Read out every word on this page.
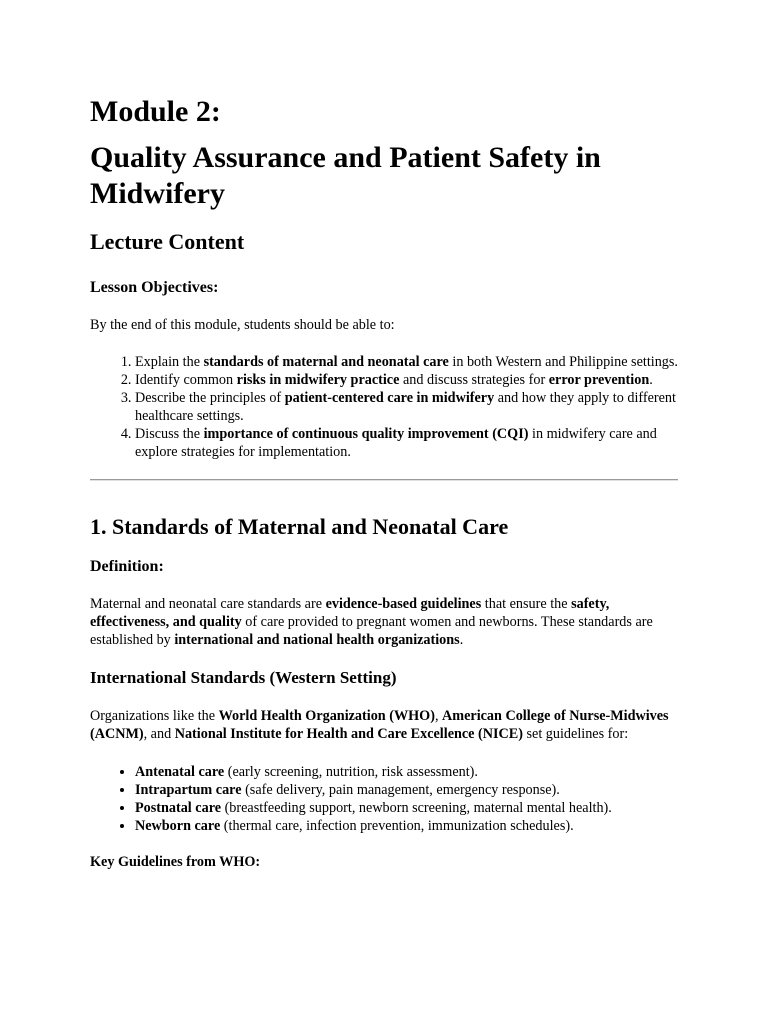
Module 2:
Quality Assurance and Patient Safety in Midwifery
Lecture Content
Lesson Objectives:

By the end of this module, students should be able to:

1. Explain the standards of maternal and neonatal care in both Western and Philippine settings.
2. Identify common risks in midwifery practice and discuss strategies for error prevention.
3. Describe the principles of patient-centered care in midwifery and how they apply to different healthcare settings.
4. Discuss the importance of continuous quality improvement (CQI) in midwifery care and explore strategies for implementation.
1. Standards of Maternal and Neonatal Care
Definition:

Maternal and neonatal care standards are evidence-based guidelines that ensure the safety, effectiveness, and quality of care provided to pregnant women and newborns. These standards are established by international and national health organizations.

International Standards (Western Setting)

Organizations like the World Health Organization (WHO), American College of Nurse-Midwives (ACNM), and National Institute for Health and Care Excellence (NICE) set guidelines for:

• Antenatal care (early screening, nutrition, risk assessment).
• Intrapartum care (safe delivery, pain management, emergency response).
• Postnatal care (breastfeeding support, newborn screening, maternal mental health).
• Newborn care (thermal care, infection prevention, immunization schedules).
Key Guidelines from WHO:
